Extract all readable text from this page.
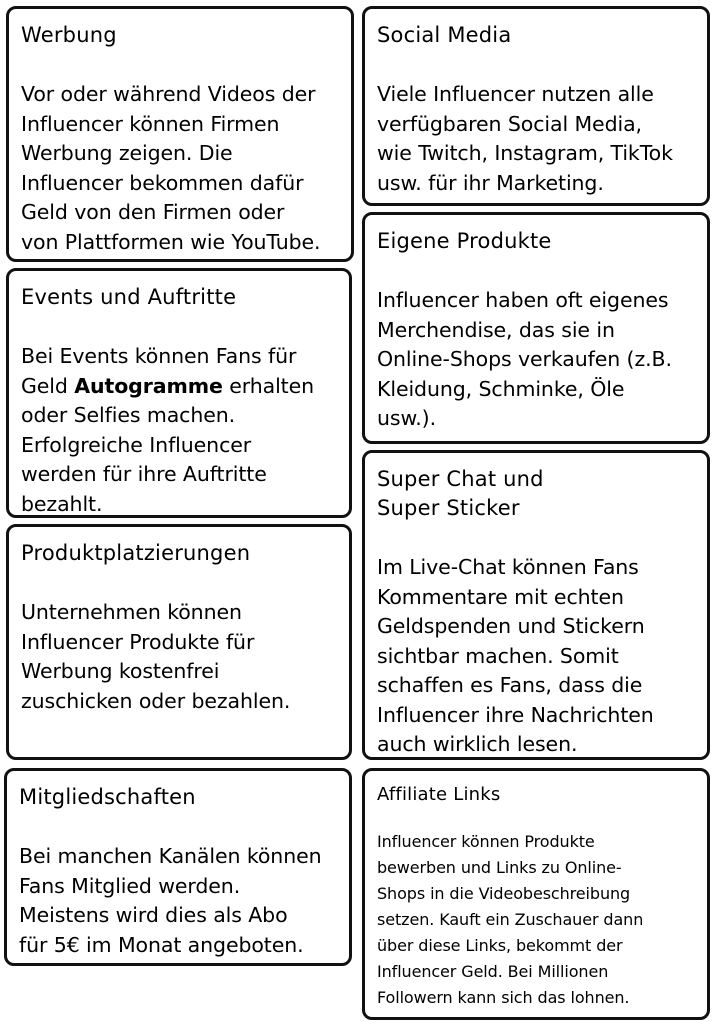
Werbung
Vor oder während Videos der
Influencer können Firmen
Werbung zeigen. Die
Influencer bekommen dafür
Geld von den Firmen oder
von Plattformen wie YouTube.
Events und Auftritte
Bei Events können Fans für
Geld Autogramme erhalten
oder Selfies machen.
Erfolgreiche Influencer
werden für ihre Auftritte
bezahlt.
Produktplatzierungen
Unternehmen können
Influencer Produkte für
Werbung kostenfrei
zuschicken oder bezahlen.
Mitgliedschaften
Bei manchen Kanälen können
Fans Mitglied werden.
Meistens wird dies als Abo
für 5€ im Monat angeboten.
Social Media
Viele Influencer nutzen alle
verfügbaren Social Media,
wie Twitch, Instagram, TikTok
usw. für ihr Marketing.
Eigene Produkte
Influencer haben oft eigenes
Merchendise, das sie in
Online-Shops verkaufen (z.B.
Kleidung, Schminke, Öle
usw.).
Super Chat und
Super Sticker
Im Live-Chat können Fans
Kommentare mit echten
Geldspenden und Stickern
sichtbar machen. Somit
schaffen es Fans, dass die
Influencer ihre Nachrichten
auch wirklich lesen.
Affiliate Links
Influencer können Produkte
bewerben und Links zu Online-
Shops in die Videobeschreibung
setzen. Kauft ein Zuschauer dann
über diese Links, bekommt der
Influencer Geld. Bei Millionen
Followern kann sich das lohnen.
